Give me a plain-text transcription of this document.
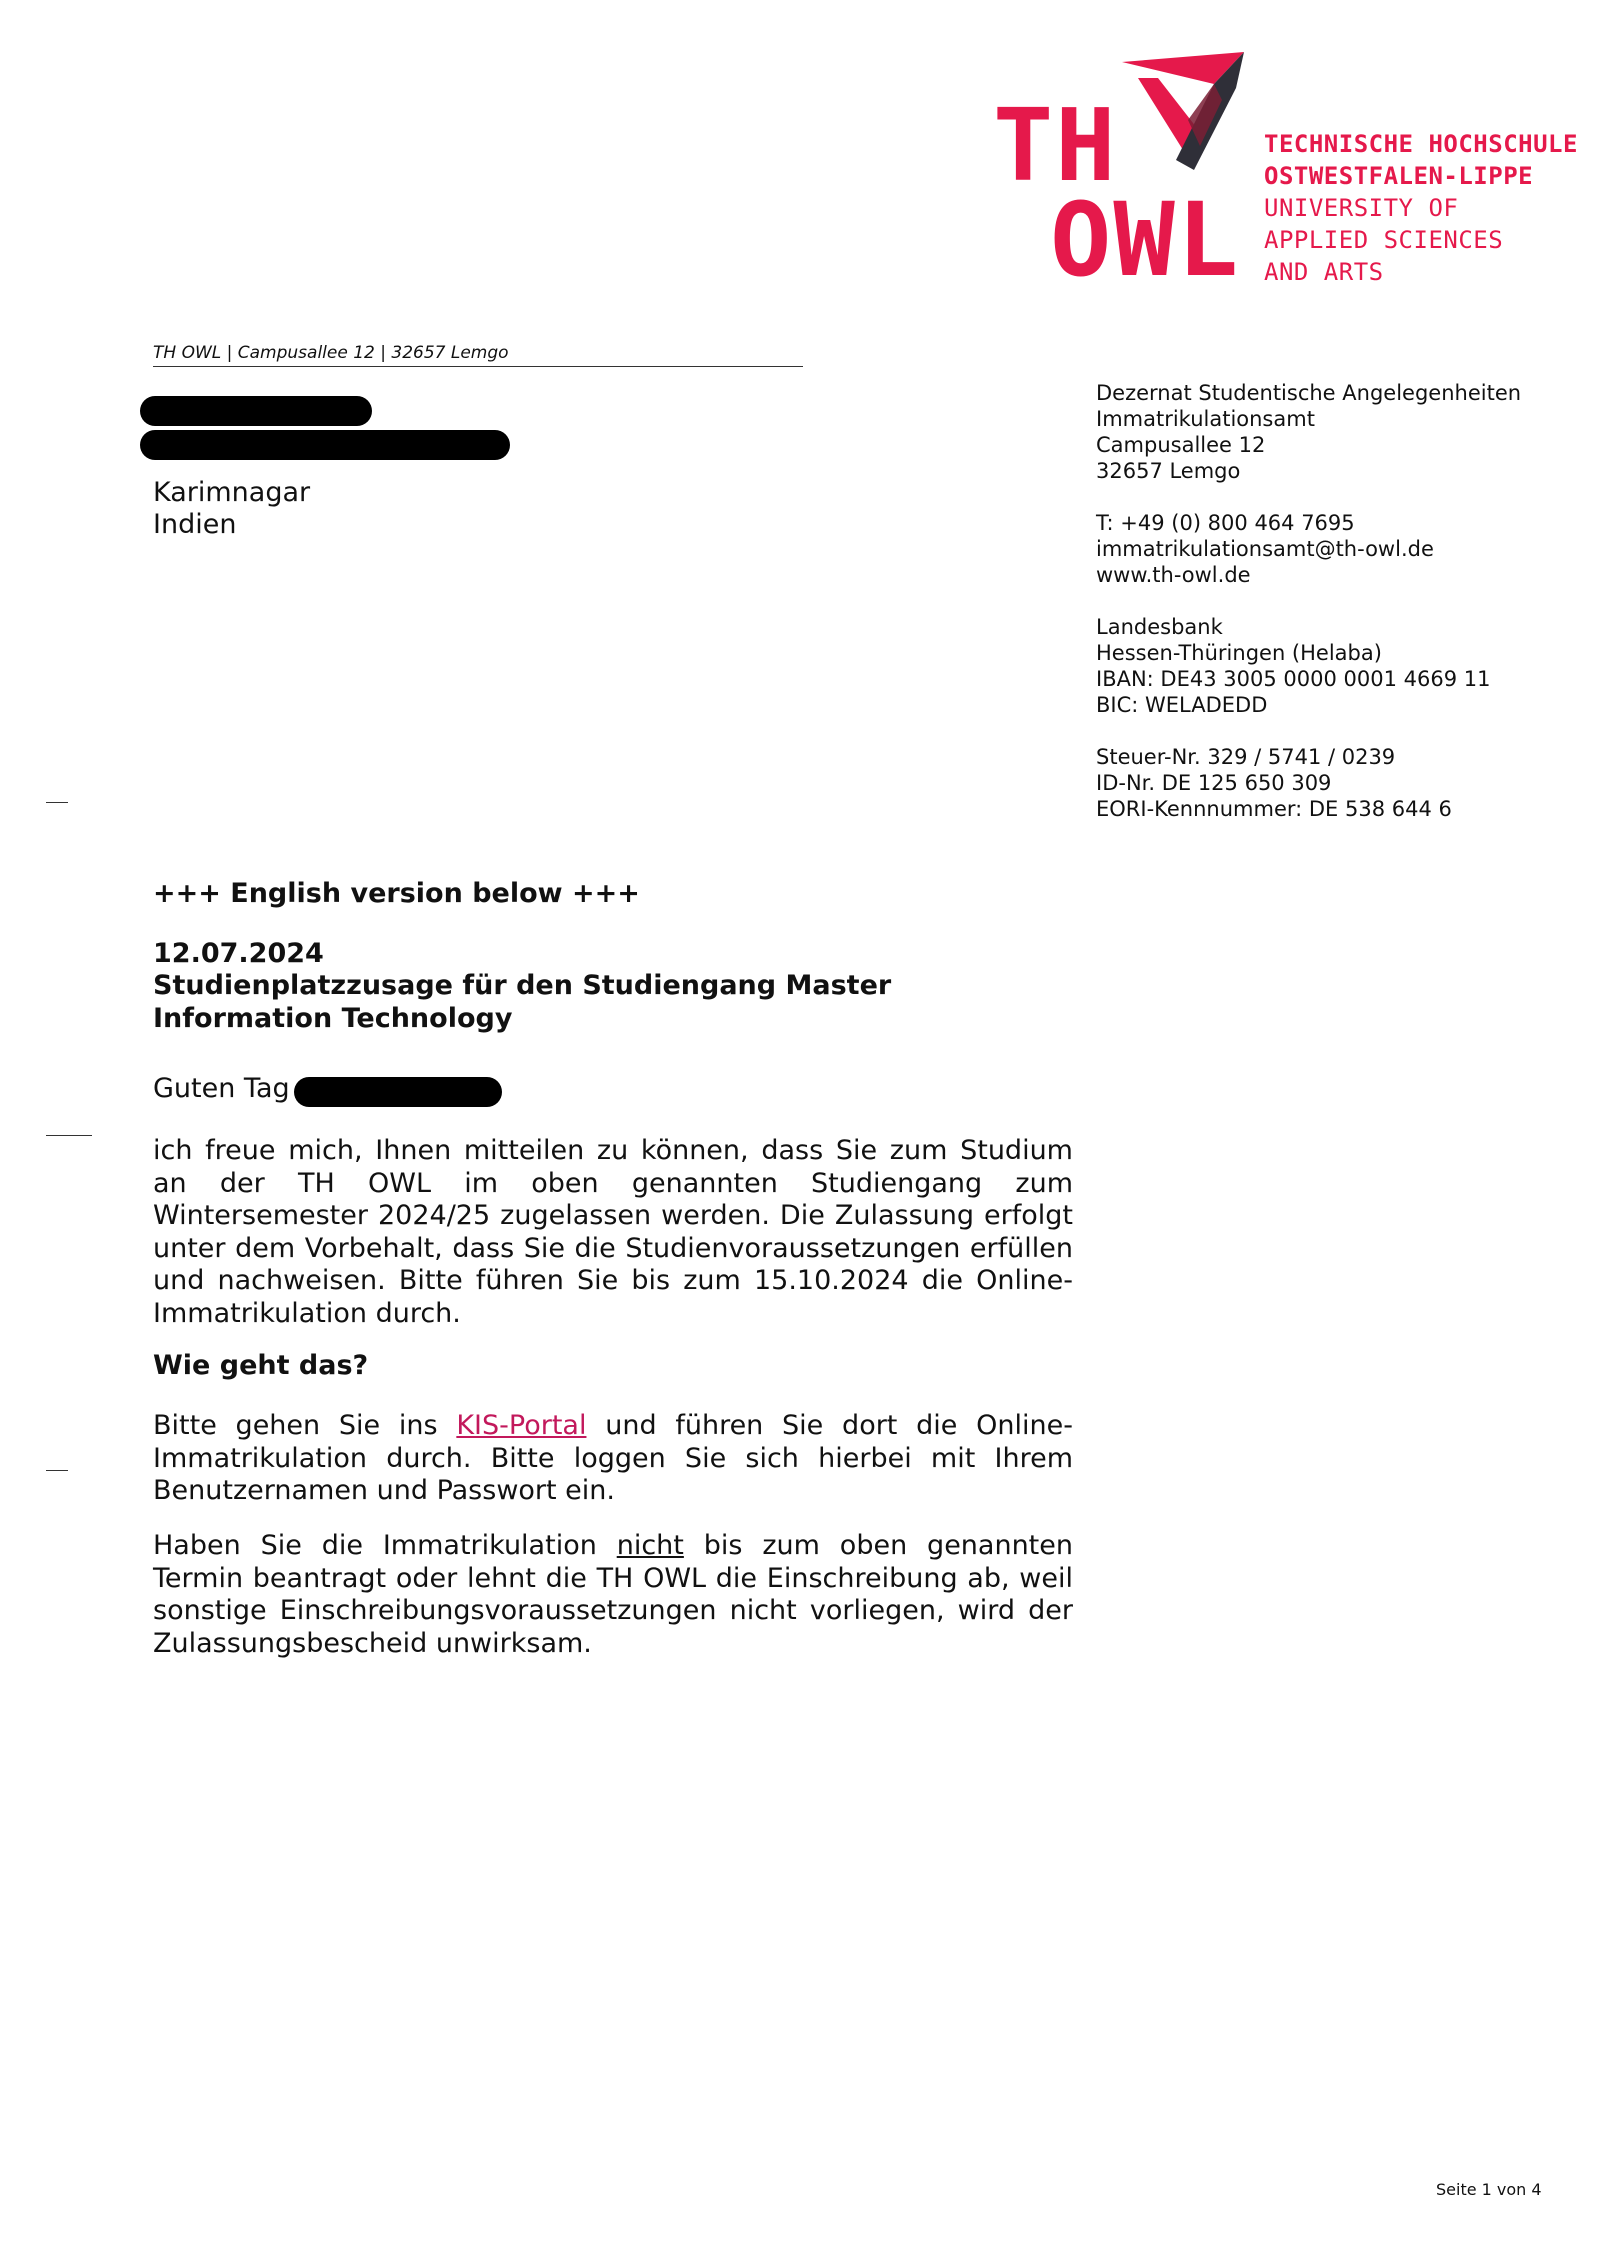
TH
OWL
TECHNISCHE HOCHSCHULE
OSTWESTFALEN-LIPPE
UNIVERSITY OF
APPLIED SCIENCES
AND ARTS
TH OWL | Campusallee 12 | 32657 Lemgo
Karimnagar
Indien
Dezernat Studentische Angelegenheiten
Immatrikulationsamt
Campusallee 12
32657 Lemgo
T: +49 (0) 800 464 7695
immatrikulationsamt@th-owl.de
www.th-owl.de
Landesbank
Hessen-Thüringen (Helaba)
IBAN: DE43 3005 0000 0001 4669 11
BIC: WELADEDD
Steuer-Nr. 329 / 5741 / 0239
ID-Nr. DE 125 650 309
EORI-Kennnummer: DE 538 644 6
+++ English version below +++
12.07.2024
Studienplatzzusage für den Studiengang Master Information Technology
Guten Tag
ich freue mich, Ihnen mitteilen zu können, dass Sie zum Studium an der TH OWL im oben genannten Studiengang zum Wintersemester 2024/25 zugelassen werden. Die Zulassung erfolgt unter dem Vorbehalt, dass Sie die Studienvoraussetzungen erfüllen und nachweisen. Bitte führen Sie bis zum 15.10.2024 die Online-Immatrikulation durch.
Wie geht das?
Bitte gehen Sie ins KIS-Portal und führen Sie dort die Online-Immatrikulation durch. Bitte loggen Sie sich hierbei mit Ihrem Benutzernamen und Passwort ein.
Haben Sie die Immatrikulation nicht bis zum oben genannten Termin beantragt oder lehnt die TH OWL die Einschreibung ab, weil sonstige Einschreibungsvoraussetzungen nicht vorliegen, wird der Zulassungsbescheid unwirksam.
Seite 1 von 4
